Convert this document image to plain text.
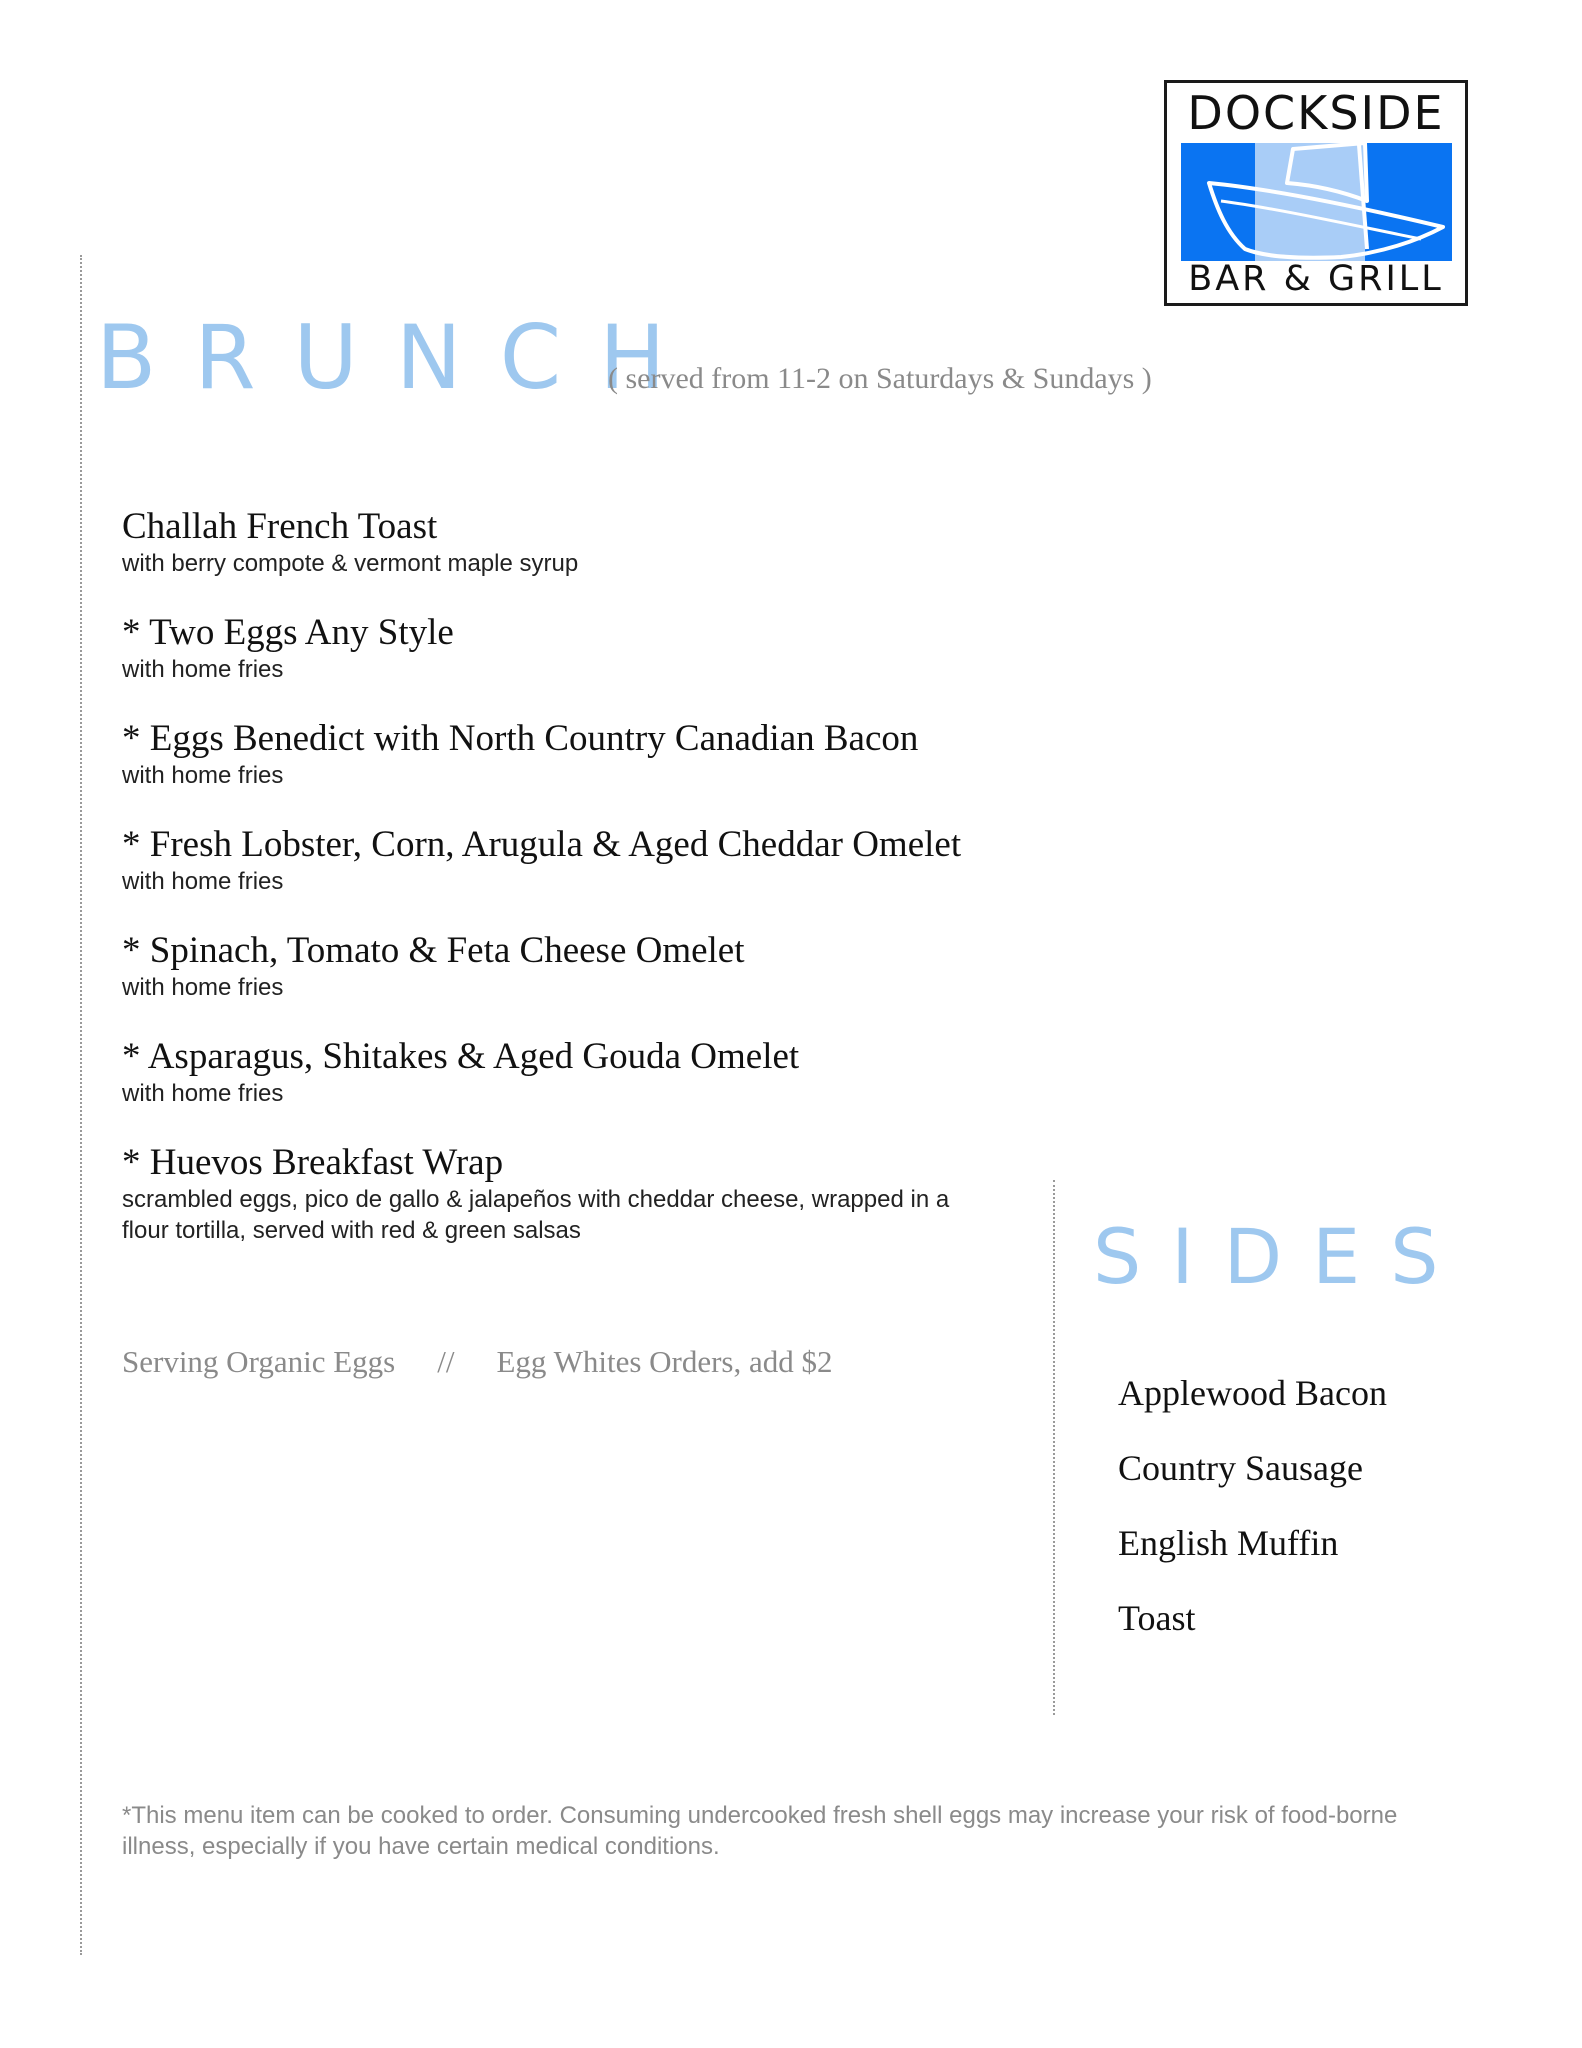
DOCKSIDE
BAR & GRILL
BRUNCH
( served from 11-2 on Saturdays & Sundays )
Challah French Toast
with berry compote & vermont maple syrup
* Two Eggs Any Style
with home fries
* Eggs Benedict with North Country Canadian Bacon
with home fries
* Fresh Lobster, Corn, Arugula & Aged Cheddar Omelet
with home fries
* Spinach, Tomato & Feta Cheese Omelet
with home fries
* Asparagus, Shitakes & Aged Gouda Omelet
with home fries
* Huevos Breakfast Wrap
scrambled eggs, pico de gallo & jalapeños with cheddar cheese, wrapped in a flour tortilla, served with red & green salsas
Serving Organic Eggs // Egg Whites Orders, add $2
SIDES
Applewood Bacon
Country Sausage
English Muffin
Toast

*This menu item can be cooked to order. Consuming undercooked fresh shell eggs may increase your risk of food-borne illness, especially if you have certain medical conditions.
